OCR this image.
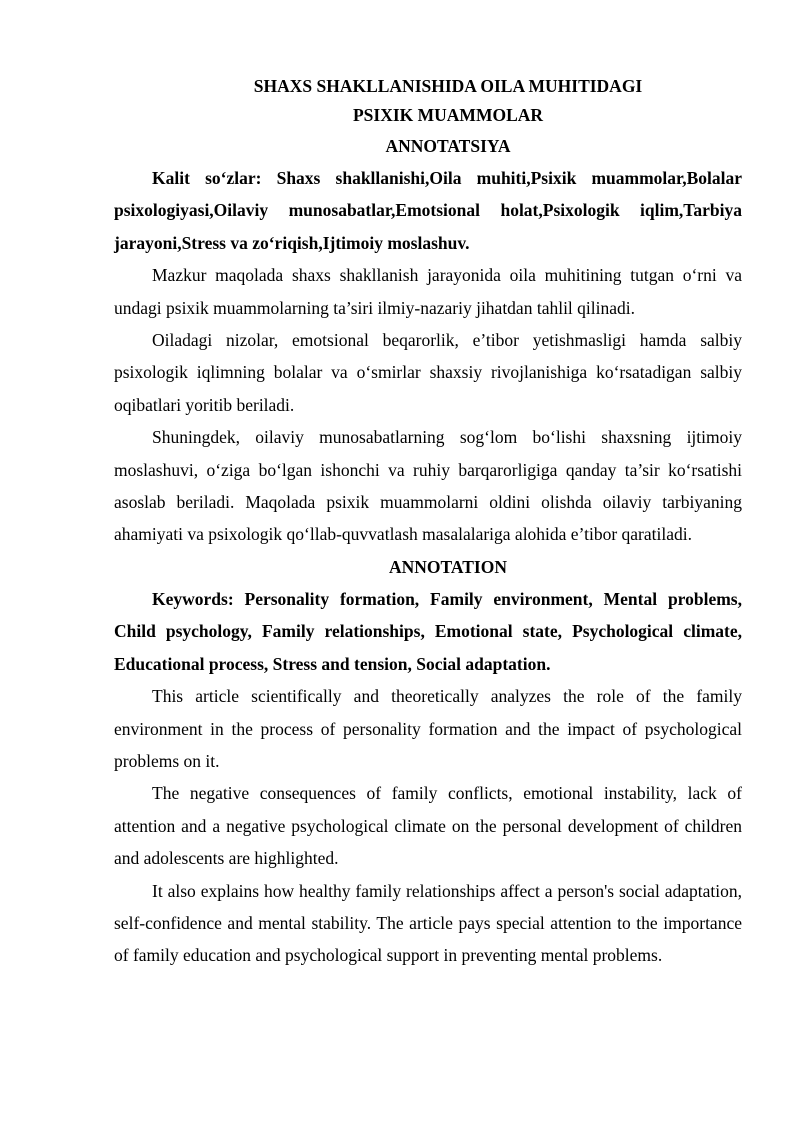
SHAXS SHAKLLANISHIDA OILA MUHITIDAGI
PSIXIK MUAMMOLAR
ANNOTATSIYA

Kalit so‘zlar: Shaxs shakllanishi,Oila muhiti,Psixik muammolar,Bolalar psixologiyasi,Oilaviy munosabatlar,Emotsional holat,Psixologik iqlim,Tarbiya jarayoni,Stress va zo‘riqish,Ijtimoiy moslashuv.

Mazkur maqolada shaxs shakllanish jarayonida oila muhitining tutgan o‘rni va undagi psixik muammolarning ta’siri ilmiy-nazariy jihatdan tahlil qilinadi.

Oiladagi nizolar, emotsional beqarorlik, e’tibor yetishmasligi hamda salbiy psixologik iqlimning bolalar va o‘smirlar shaxsiy rivojlanishiga ko‘rsatadigan salbiy oqibatlari yoritib beriladi.

Shuningdek, oilaviy munosabatlarning sog‘lom bo‘lishi shaxsning ijtimoiy moslashuvi, o‘ziga bo‘lgan ishonchi va ruhiy barqarorligiga qanday ta’sir ko‘rsatishi asoslab beriladi. Maqolada psixik muammolarni oldini olishda oilaviy tarbiyaning ahamiyati va psixologik qo‘llab-quvvatlash masalalariga alohida e’tibor qaratiladi.

ANNOTATION

Keywords: Personality formation, Family environment, Mental problems, Child psychology, Family relationships, Emotional state, Psychological climate, Educational process, Stress and tension, Social adaptation.

This article scientifically and theoretically analyzes the role of the family environment in the process of personality formation and the impact of psychological problems on it.

The negative consequences of family conflicts, emotional instability, lack of attention and a negative psychological climate on the personal development of children and adolescents are highlighted.

It also explains how healthy family relationships affect a person's social adaptation, self-confidence and mental stability. The article pays special attention to the importance of family education and psychological support in preventing mental problems.
